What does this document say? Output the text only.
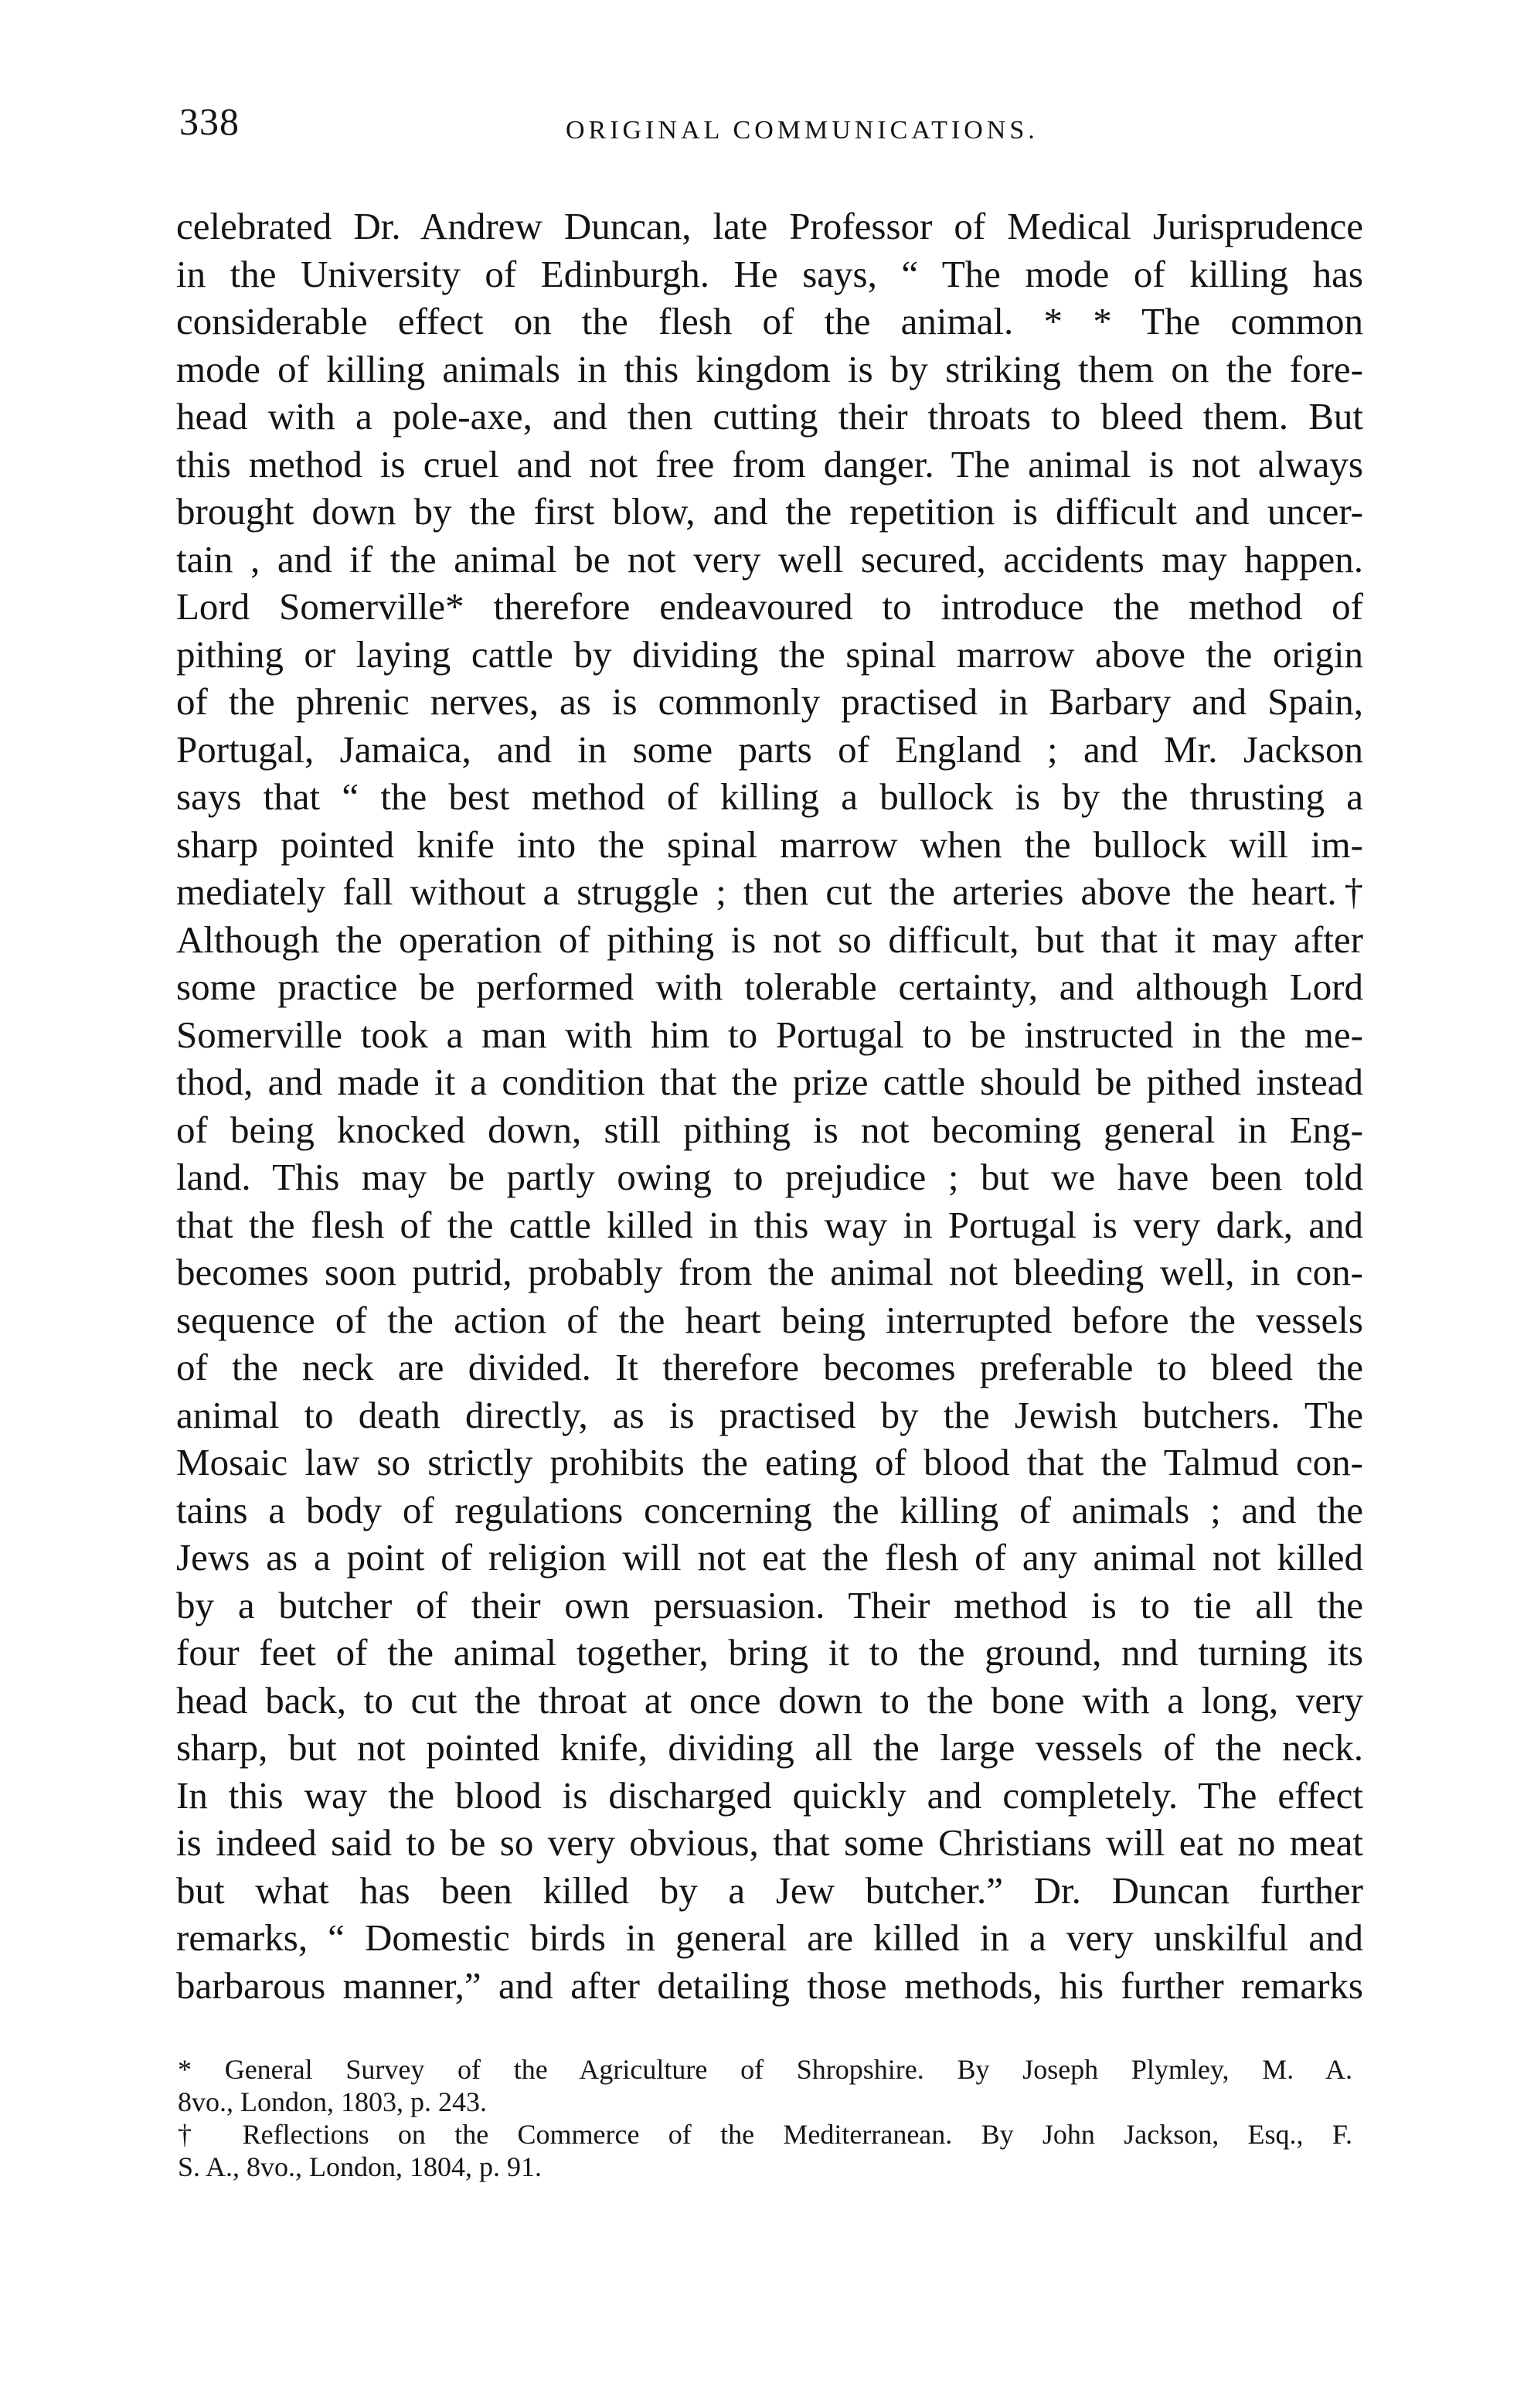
338	ORIGINAL COMMUNICATIONS.
celebrated Dr. Andrew Duncan, late Professor of Medical Jurisprudence
in the University of Edinburgh. He says, “ The mode of killing has
considerable effect on the flesh of the animal. * * The common
mode of killing animals in this kingdom is by striking them on the fore-
head with a pole-axe, and then cutting their throats to bleed them. But
this method is cruel and not free from danger. The animal is not always
brought down by the first blow, and the repetition is difficult and uncer-
tain , and if the animal be not very well secured, accidents may happen.
Lord Somerville* therefore endeavoured to introduce the method of
pithing or laying cattle by dividing the spinal marrow above the origin
of the phrenic nerves, as is commonly practised in Barbary and Spain,
Portugal, Jamaica, and in some parts of England ; and Mr. Jackson
says that “ the best method of killing a bullock is by the thrusting a
sharp pointed knife into the spinal marrow when the bullock will im-
mediately fall without a struggle ; then cut the arteries above the heart.†
Although the operation of pithing is not so difficult, but that it may after
some practice be performed with tolerable certainty, and although Lord
Somerville took a man with him to Portugal to be instructed in the me-
thod, and made it a condition that the prize cattle should be pithed instead
of being knocked down, still pithing is not becoming general in Eng-
land. This may be partly owing to prejudice ; but we have been told
that the flesh of the cattle killed in this way in Portugal is very dark, and
becomes soon putrid, probably from the animal not bleeding well, in con-
sequence of the action of the heart being interrupted before the vessels
of the neck are divided. It therefore becomes preferable to bleed the
animal to death directly, as is practised by the Jewish butchers. The
Mosaic law so strictly prohibits the eating of blood that the Talmud con-
tains a body of regulations concerning the killing of animals ; and the
Jews as a point of religion will not eat the flesh of any animal not killed
by a butcher of their own persuasion. Their method is to tie all the
four feet of the animal together, bring it to the ground, nnd turning its
head back, to cut the throat at once down to the bone with a long, very
sharp, but not pointed knife, dividing all the large vessels of the neck.
In this way the blood is discharged quickly and completely. The effect
is indeed said to be so very obvious, that some Christians will eat no meat
but what has been killed by a Jew butcher.” Dr. Duncan further
remarks, “ Domestic birds in general are killed in a very unskilful and
barbarous manner,” and after detailing those methods, his further remarks
* General Survey of the Agriculture of Shropshire. By Joseph Plymley, M. A.
8vo., London, 1803, p. 243.
† Reflections on the Commerce of the Mediterranean. By John Jackson, Esq., F.
S. A., 8vo., London, 1804, p. 91.
